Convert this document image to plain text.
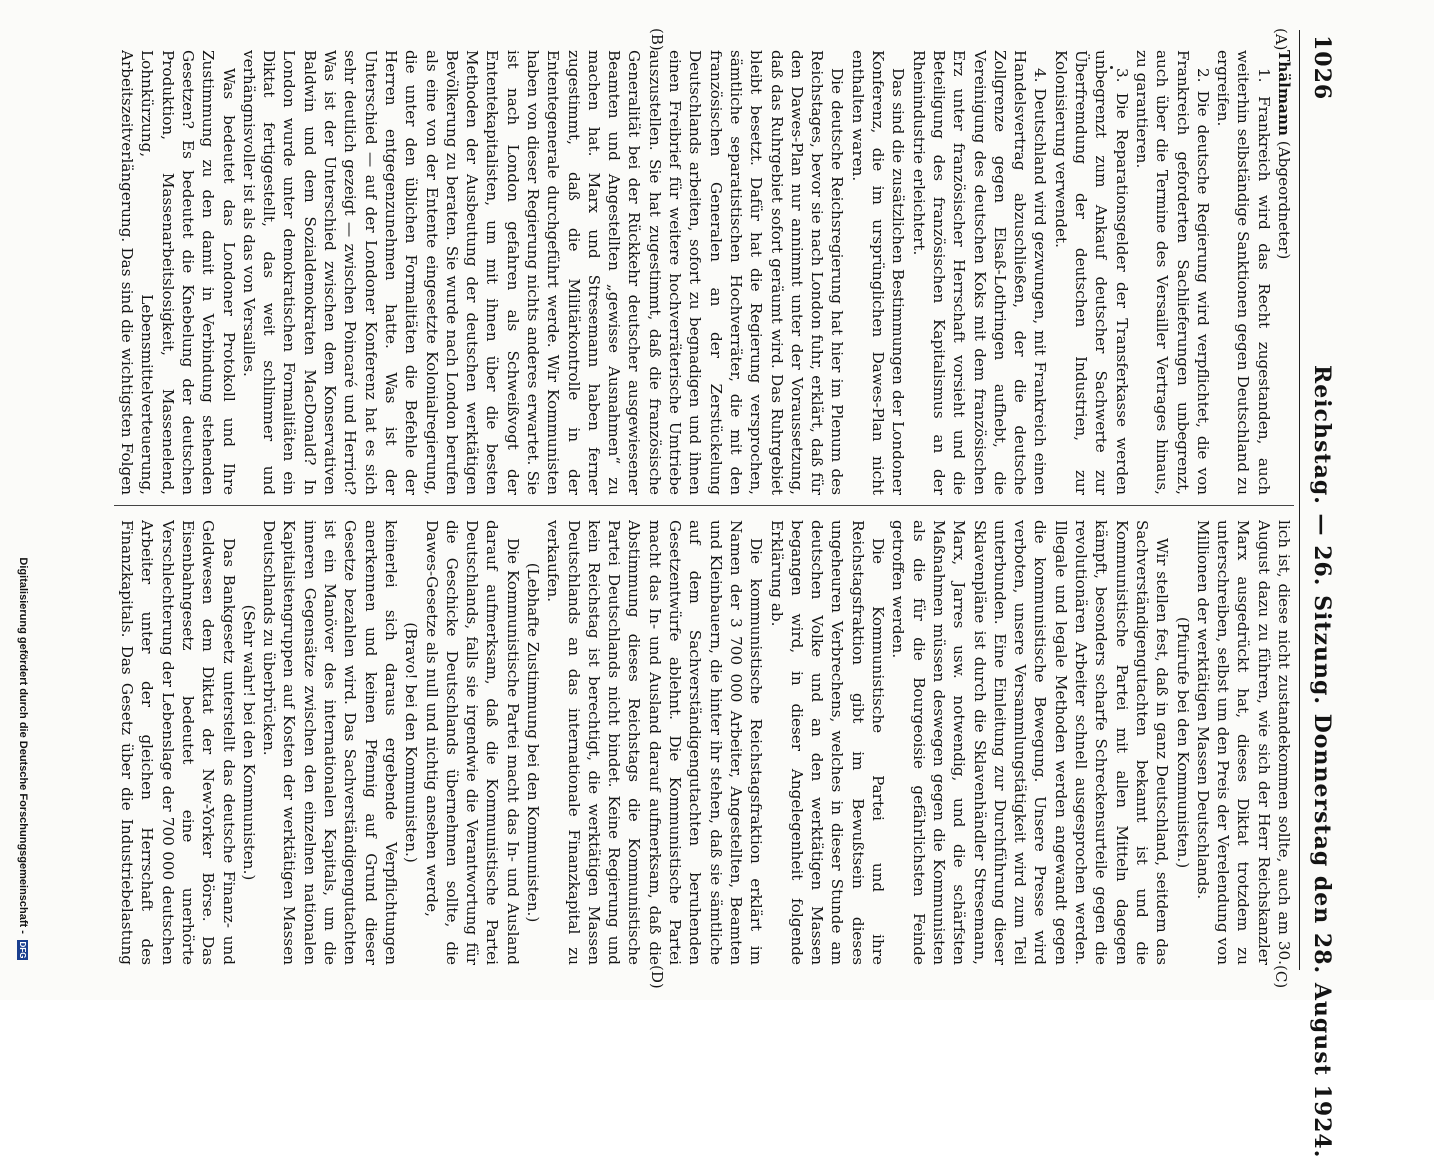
1026
Reichstag. — 26. Sitzung. Donnerstag den 28. August 1924.
(A)
(B)
(C)
(D)

Thälmann (Abgeordneter)

1. Frankreich wird das Recht zugestanden, auch weiterhin selbständige Sanktionen gegen Deutschland zu ergreifen.

2. Die deutsche Regierung wird verpflichtet, die von Frankreich geforderten Sachlieferungen unbegrenzt, auch über die Termine des Versailler Vertrages hinaus, zu garantieren.

3. Die Reparationsgelder der Transferkasse werden unbegrenzt zum Ankauf deutscher Sachwerte zur Überfremdung der deutschen Industrien, zur Kolonisierung verwendet.

4. Deutschland wird gezwungen, mit Frankreich einen Handelsvertrag abzuschließen, der die deutsche Zollgrenze gegen Elsaß-Lothringen aufhebt, die Vereinigung des deutschen Koks mit dem französischen Erz unter französischer Herrschaft vorsieht und die Beteiligung des französischen Kapitalismus an der Rheinindustrie erleichtert.

Das sind die zusätzlichen Bestimmungen der Londoner Konferenz, die im ursprünglichen Dawes-Plan nicht enthalten waren.

Die deutsche Reichsregierung hat hier im Plenum des Reichstages, bevor sie nach London fuhr, erklärt, daß für den Dawes-Plan nur annimmt unter der Voraussetzung, daß das Ruhrgebiet sofort geräumt wird. Das Ruhrgebiet bleibt besetzt. Dafür hat die Regierung versprochen, sämtliche separatistischen Hochverräter, die mit den französischen Generalen an der Zerstückelung Deutschlands arbeiten, sofort zu begnadigen und ihnen einen Freibrief für weitere hochverräterische Umtriebe auszustellen. Sie hat zugestimmt, daß die französische Generalität bei der Rückkehr deutscher ausgewiesener Beamten und Angestellten „gewisse Ausnahmen“ zu machen hat. Marx und Stresemann haben ferner zugestimmt, daß die Militärkontrolle in der Ententegenerale durchgeführt werde. Wir Kommunisten haben von dieser Regierung nichts anderes erwartet. Sie ist nach London gefahren als Schweißvogt der Ententekapitalisten, um mit ihnen über die besten Methoden der Ausbeutung der deutschen werktätigen Bevölkerung zu beraten. Sie wurde nach London berufen als eine von der Entente eingesetzte Kolonialregierung, die unter den üblichen Formalitäten die Befehle der Herren entgegenzunehmen hatte. Was ist der Unterschied — auf der Londoner Konferenz hat es sich sehr deutlich gezeigt — zwischen Poincaré und Herriot? Was ist der Unterschied zwischen dem Konservativen Baldwin und dem Sozialdemokraten MacDonald? In London wurde unter demokratischen Formalitäten ein Diktat fertiggestellt, das weit schlimmer und verhängnisvoller ist als das von Versailles.

Was bedeutet das Londoner Protokoll und Ihre Zustimmung zu den damit in Verbindung stehenden Gesetzen? Es bedeutet die Knebelung der deutschen Produktion, Massenarbeitslosigkeit, Massenelend, Lohnkürzung, Lebensmittelverteuerung, Arbeitszeitverlängerung. Das sind die wichtigsten Folgen

lich ist, diese nicht zustandekommen sollte, auch am 30. August dazu zu führen, wie sich der Herr Reichskanzler Marx ausgedrückt hat, dieses Diktat trotzdem zu unterschreiben, selbst um den Preis der Verelendung von Millionen der werktätigen Massen Deutschlands.

(Pfuirufe bei den Kommunisten.)

Wir stellen fest, daß in ganz Deutschland, seitdem das Sachverständigengutachten bekannt ist und die Kommunistische Partei mit allen Mitteln dagegen kämpft, besonders scharfe Schreckensurteile gegen die revolutionären Arbeiter schnell ausgesprochen werden. Illegale und legale Methoden werden angewandt gegen die kommunistische Bewegung. Unsere Presse wird verboten, unsere Versammlungstätigkeit wird zum Teil unterbunden. Eine Einleitung zur Durchführung dieser Sklavenpläne ist durch die Sklavenhändler Stresemann, Marx, Jarres usw. notwendig, und die schärfsten Maßnahmen müssen deswegen gegen die Kommunisten als die für die Bourgeoisie gefährlichsten Feinde getroffen werden.

Die Kommunistische Partei und ihre Reichstagsfraktion gibt im Bewußtsein dieses ungeheuren Verbrechens, welches in dieser Stunde am deutschen Volke und an den werktätigen Massen begangen wird, in dieser Angelegenheit folgende Erklärung ab.

Die kommunistische Reichstagsfraktion erklärt im Namen der 3 700 000 Arbeiter, Angestellten, Beamten und Kleinbauern, die hinter ihr stehen, daß sie sämtliche auf dem Sachverständigengutachten beruhenden Gesetzentwürfe ablehnt. Die Kommunistische Partei macht das In- und Ausland darauf aufmerksam, daß die Abstimmung dieses Reichstags die Kommunistische Partei Deutschlands nicht bindet. Keine Regierung und kein Reichstag ist berechtigt, die werktätigen Massen Deutschlands an das internationale Finanzkapital zu verkaufen.

(Lebhafte Zustimmung bei den Kommunisten.)

Die Kommunistische Partei macht das In- und Ausland darauf aufmerksam, daß die Kommunistische Partei Deutschlands, falls sie irgendwie die Verantwortung für die Geschicke Deutschlands übernehmen sollte, die Dawes-Gesetze als null und nichtig ansehen werde,

(Bravo! bei den Kommunisten.)

keinerlei sich daraus ergebende Verpflichtungen anerkennen und keinen Pfennig auf Grund dieser Gesetze bezahlen wird. Das Sachverständigengutachten ist ein Manöver des internationalen Kapitals, um die inneren Gegensätze zwischen den einzelnen nationalen Kapitalistengruppen auf Kosten der werktätigen Massen Deutschlands zu überbrücken.

(Sehr wahr! bei den Kommunisten.)

Das Bankgesetz unterstellt das deutsche Finanz- und Geldwesen dem Diktat der New-Yorker Börse. Das Eisenbahngesetz bedeutet eine unerhörte Verschlechterung der Lebenslage der 700 000 deutschen Arbeiter unter der gleichen Herrschaft des Finanzkapitals. Das Gesetz über die Industriebelastung

Digitalisierung gefördert durch die Deutsche Forschungsgemeinschaft - DFG
